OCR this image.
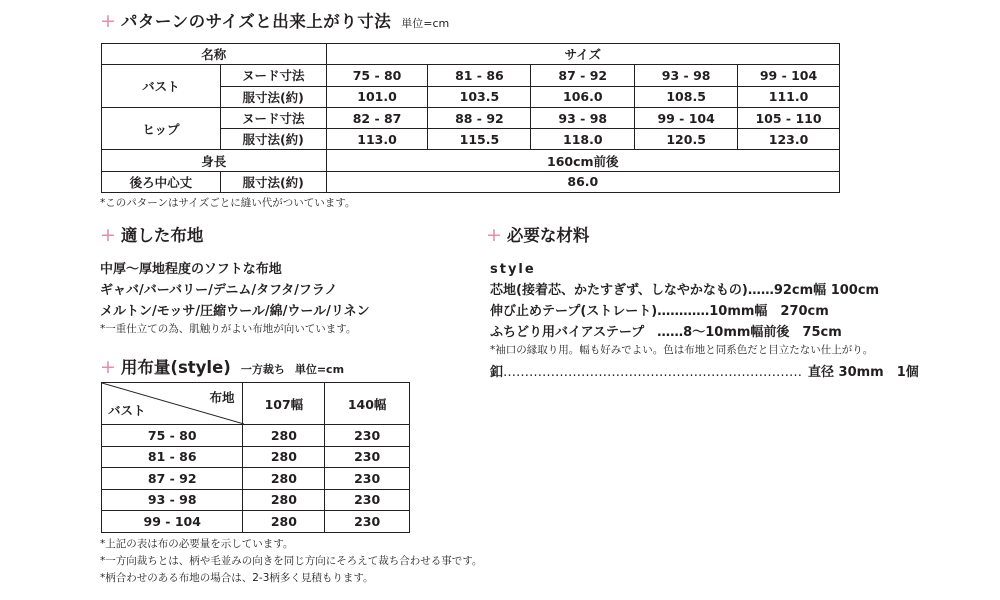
+ パターンのサイズと出来上がり寸法 単位=cm
名称		サイズ				
バスト	ヌード寸法	75 - 80	81 - 86	87 - 92	93 - 98	99 - 104
	服寸法(約)	101.0	103.5	106.0	108.5	111.0
ヒップ	ヌード寸法	82 - 87	88 - 92	93 - 98	99 - 104	105 - 110
	服寸法(約)	113.0	115.5	118.0	120.5	123.0
身長		160cm前後				
後ろ中心丈	服寸法(約)	86.0				
*このパターンはサイズごとに縫い代がついています。
+ 適した布地
中厚〜厚地程度のソフトな布地
ギャバ/バーバリー/デニム/タフタ/フラノ
メルトン/モッサ/圧縮ウール/綿/ウール/リネン
*一重仕立ての為、肌触りがよい布地が向いています。
+ 用布量(style) 一方裁ち 単位=cm
布地
バスト	107幅	140幅
75 - 80	280	230
81 - 86	280	230
87 - 92	280	230
93 - 98	280	230
99 - 104	280	230
*上記の表は布の必要量を示しています。
*一方向裁ちとは、柄や毛並みの向きを同じ方向にそろえて裁ち合わせる事です。
*柄合わせのある布地の場合は、2-3柄多く見積もります。
+ 必要な材料
style
芯地(接着芯、かたすぎず、しなやかなもの)……92cm幅 100cm
伸び止めテープ(ストレート)…………10mm幅　270cm
ふちどり用バイアステープ　……8〜10mm幅前後　75cm
*袖口の縁取り用。幅も好みでよい。色は布地と同系色だと目立たない仕上がり。
釦…………………………………………………………… 直径 30mm　1個
